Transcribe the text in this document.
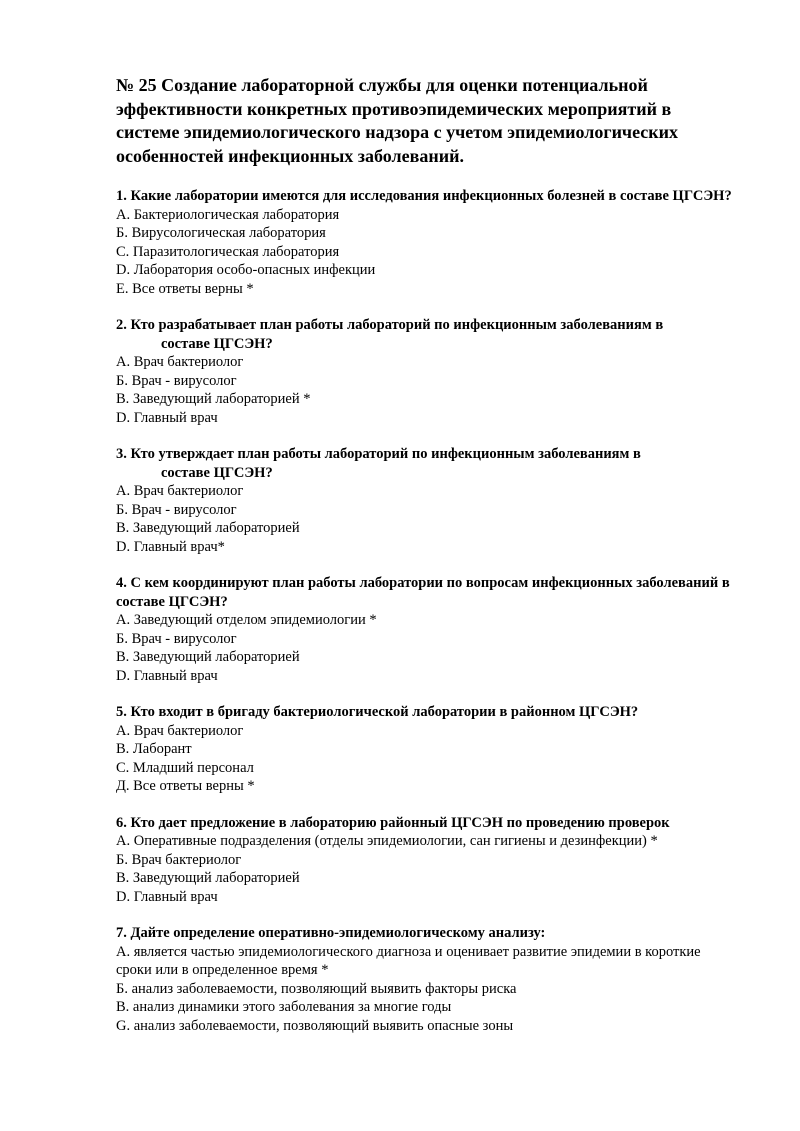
№ 25 Создание лабораторной службы для оценки потенциальной эффективности конкретных противоэпидемических мероприятий в системе эпидемиологического надзора с учетом эпидемиологических особенностей инфекционных заболеваний.
1. Какие лаборатории имеются для исследования инфекционных болезней в составе ЦГСЭН?
А. Бактериологическая лаборатория
Б. Вирусологическая лаборатория
С. Паразитологическая лаборатория
D. Лаборатория особо-опасных инфекции
Е. Все ответы верны *
2. Кто разрабатывает план работы лабораторий по инфекционным заболеваниям в
составе ЦГСЭН?
А. Врач бактериолог
Б. Врач - вирусолог
В. Заведующий лабораторией *
D. Главный врач
3. Кто утверждает план работы лабораторий по инфекционным заболеваниям в
составе ЦГСЭН?
А. Врач бактериолог
Б. Врач - вирусолог
В. Заведующий лабораторией
D. Главный врач*
4. С кем координируют план работы лаборатории по вопросам инфекционных заболеваний в составе ЦГСЭН?
А. Заведующий отделом эпидемиологии *
Б. Врач - вирусолог
В. Заведующий лабораторией
D. Главный врач
5. Кто входит в бригаду бактериологической лаборатории в районном ЦГСЭН?
А. Врач бактериолог
В. Лаборант
С. Младший персонал
Д. Все ответы верны *
6. Кто дает предложение в лабораторию районный ЦГСЭН по проведению проверок
А. Оперативные подразделения (отделы эпидемиологии, сан гигиены и дезинфекции) *
Б. Врач бактериолог
В. Заведующий лабораторией
D. Главный врач
7. Дайте определение оперативно-эпидемиологическому анализу:
А. является частью эпидемиологического диагноза и оценивает развитие эпидемии в короткие сроки или в определенное время *
Б. анализ заболеваемости, позволяющий выявить факторы риска
В. анализ динамики этого заболевания за многие годы
G. анализ заболеваемости, позволяющий выявить опасные зоны
